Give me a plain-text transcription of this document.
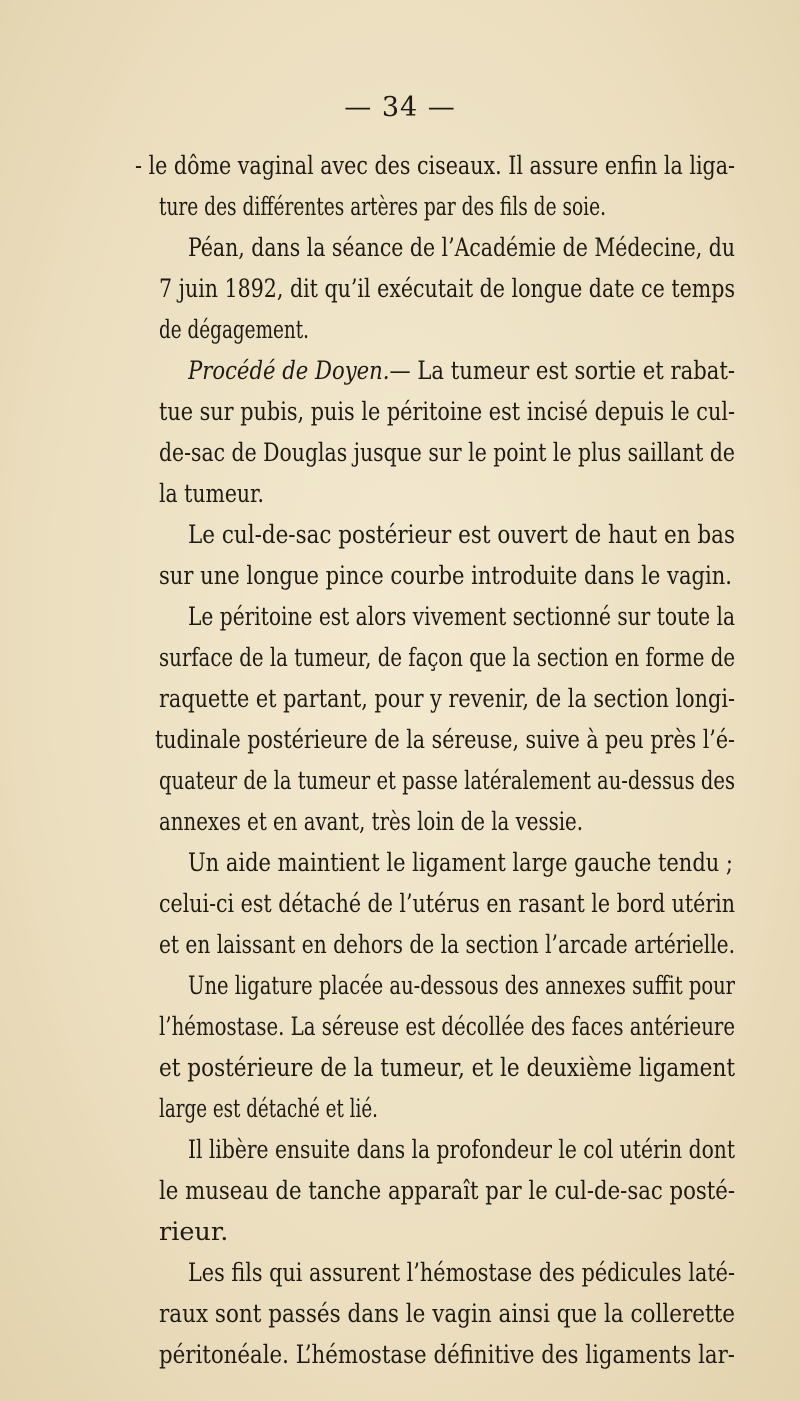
— 34 —
- le dôme vaginal avec des ciseaux. Il assure enfin la liga-
ture des différentes artères par des fils de soie.
Péan, dans la séance de l’Académie de Médecine, du
7 juin 1892, dit qu’il exécutait de longue date ce temps
de dégagement.
Procédé de Doyen.— La tumeur est sortie et rabat-
tue sur pubis, puis le péritoine est incisé depuis le cul-
de-sac de Douglas jusque sur le point le plus saillant de
la tumeur.
Le cul-de-sac postérieur est ouvert de haut en bas
sur une longue pince courbe introduite dans le vagin.
Le péritoine est alors vivement sectionné sur toute la
surface de la tumeur, de façon que la section en forme de
raquette et partant, pour y revenir, de la section longi-
tudinale postérieure de la séreuse, suive à peu près l’é-
quateur de la tumeur et passe latéralement au-dessus des
annexes et en avant, très loin de la vessie.
Un aide maintient le ligament large gauche tendu ;
celui-ci est détaché de l’utérus en rasant le bord utérin
et en laissant en dehors de la section l’arcade artérielle.
Une ligature placée au-dessous des annexes suffit pour
l’hémostase. La séreuse est décollée des faces antérieure
et postérieure de la tumeur, et le deuxième ligament
large est détaché et lié.
Il libère ensuite dans la profondeur le col utérin dont
le museau de tanche apparaît par le cul-de-sac posté-
rieur.
Les fils qui assurent l’hémostase des pédicules laté-
raux sont passés dans le vagin ainsi que la collerette
péritonéale. L’hémostase définitive des ligaments lar-
